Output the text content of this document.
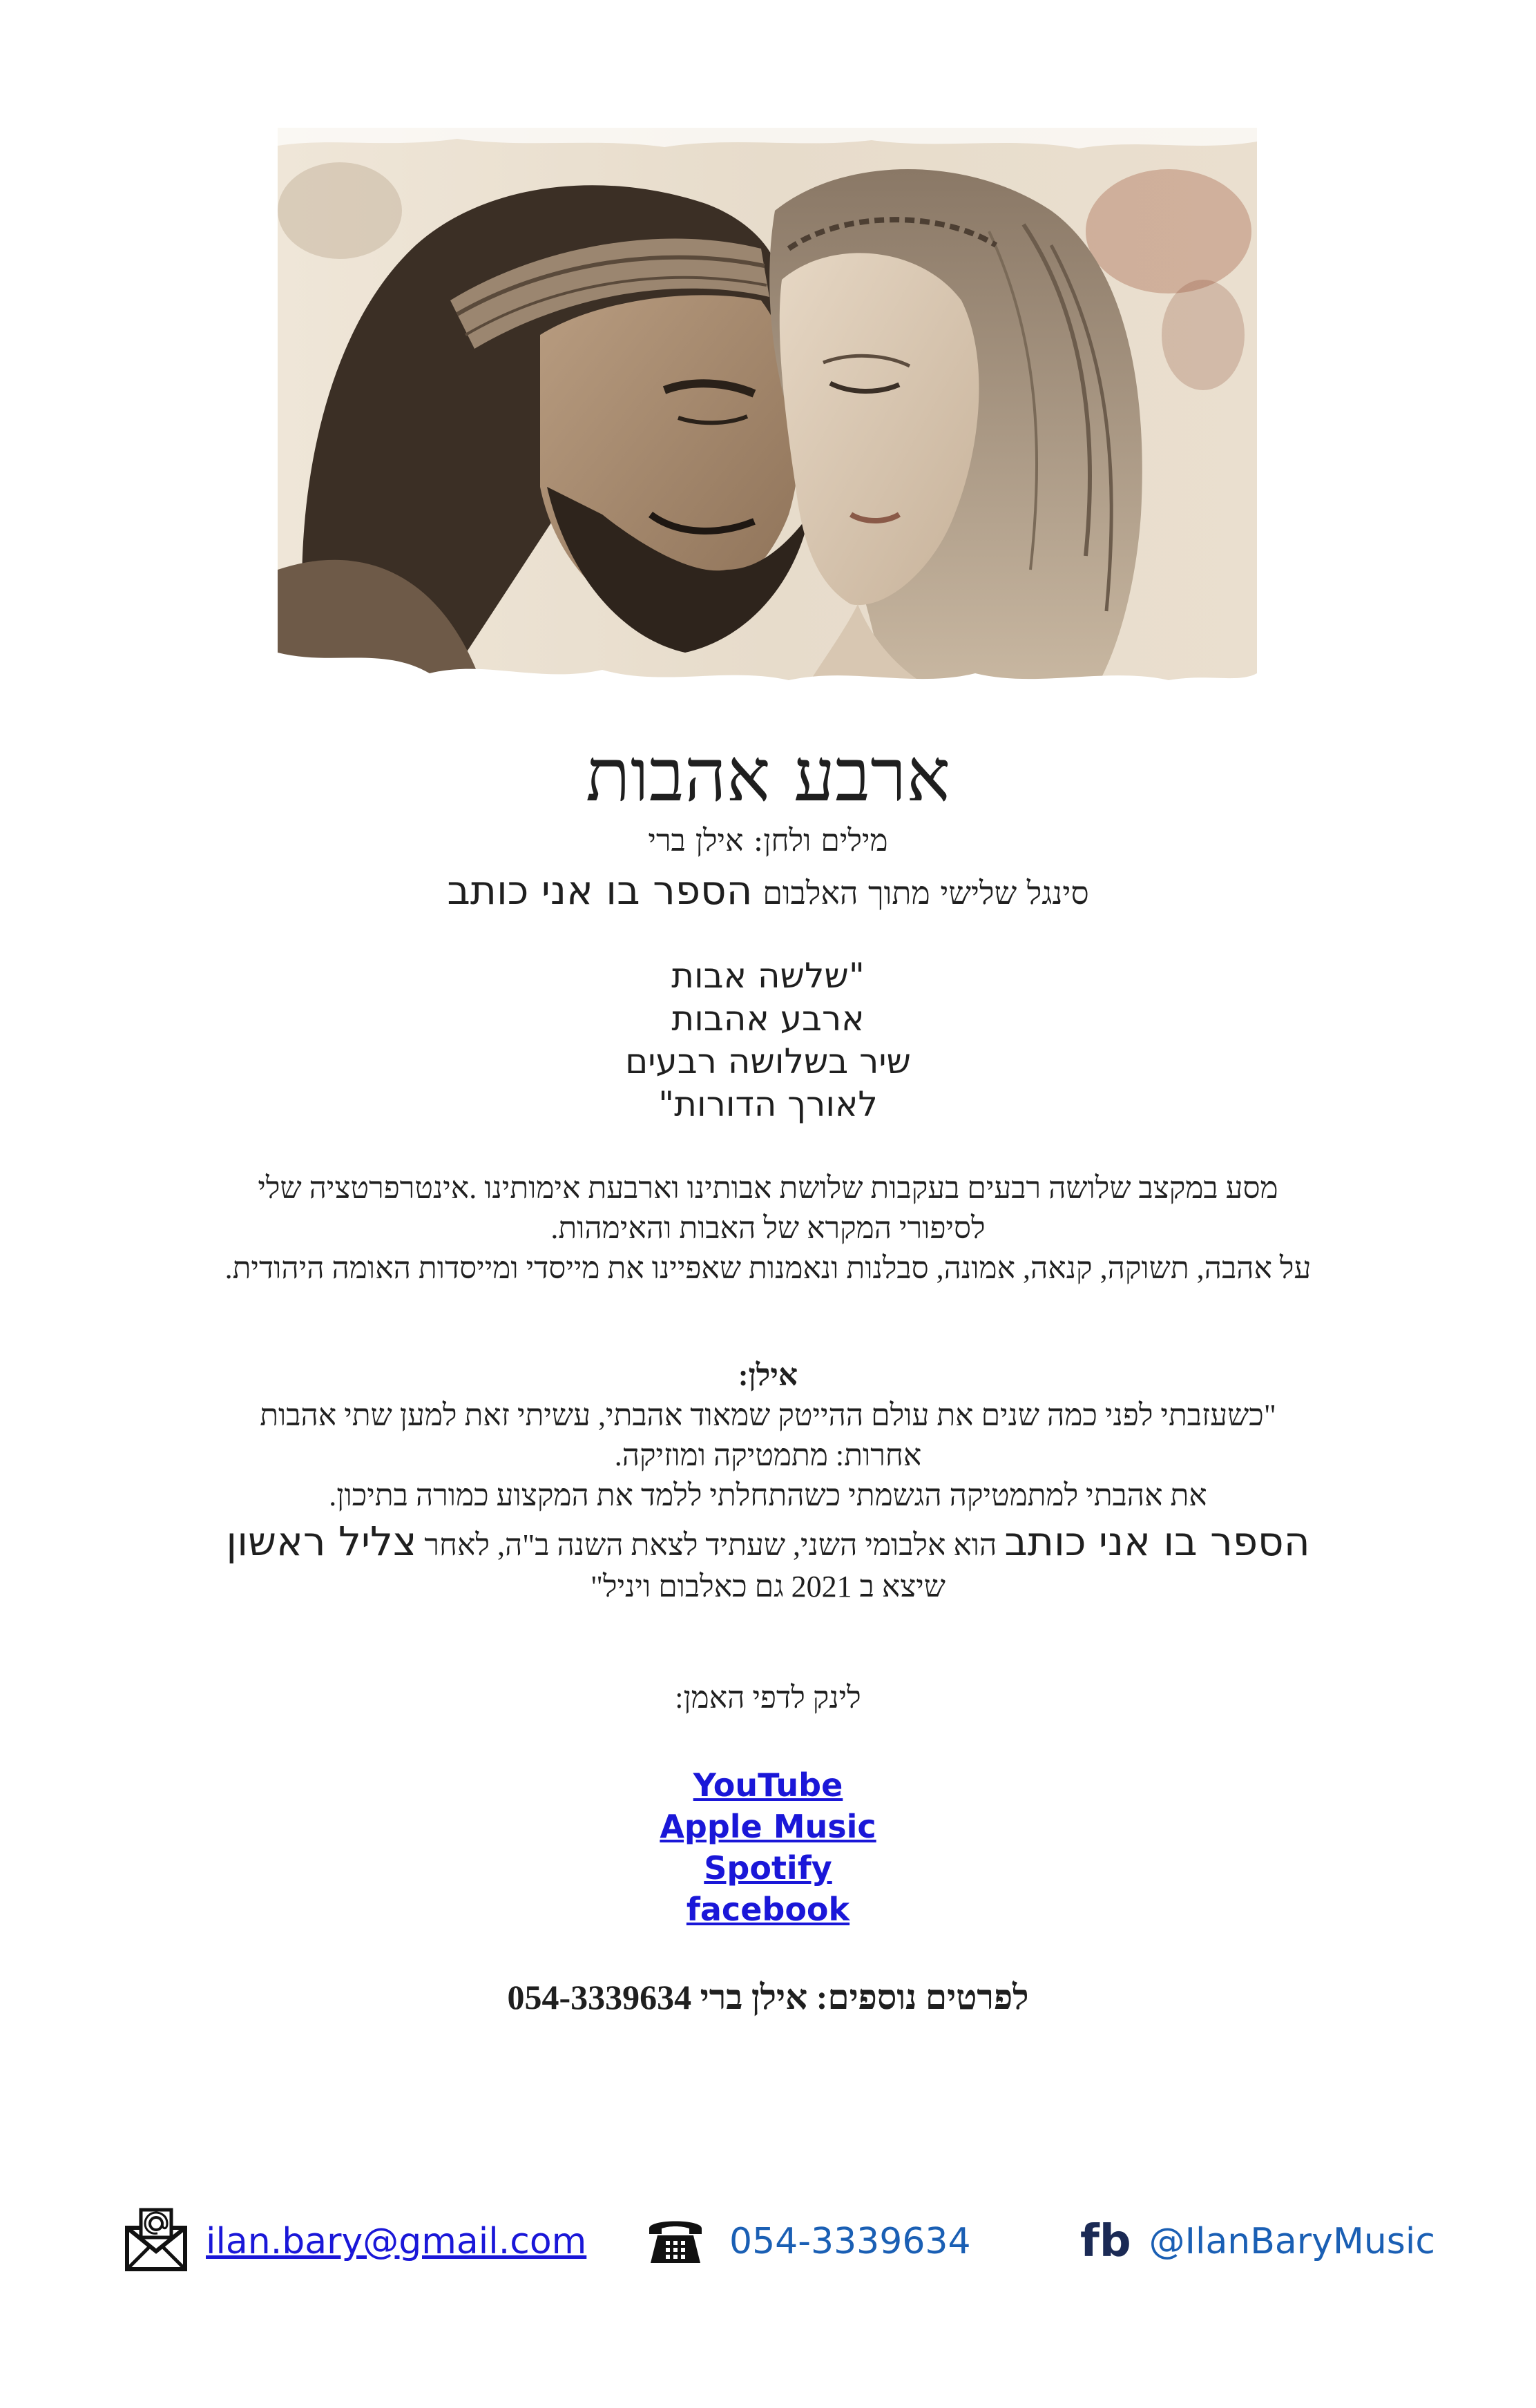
ארבע אהבות
מילים ולחן: אילן ברי
סינגל שלישי מתוך האלבום הספר בו אני כותב
"שלשה אבות
ארבע אהבות
שיר בשלושה רבעים
לאורך הדורות"
מסע במקצב שלושה רבעים בעקבות שלושת אבותינו וארבעת אימותינו .אינטרפרטציה שלי
לסיפורי המקרא של האבות והאימהות.
על אהבה, תשוקה, קנאה, אמונה, סבלנות ונאמנות שאפיינו את מייסדי ומייסדות האומה היהודית.
אילן:
"כשעזבתי לפני כמה שנים את עולם ההייטק שמאוד אהבתי, עשיתי זאת למען שתי אהבות
אחרות: מתמטיקה ומוזיקה.
את אהבתי למתמטיקה הגשמתי כשהתחלתי ללמד את המקצוע כמורה בתיכון.
הספר בו אני כותב הוא אלבומי השני, שעתיד לצאת השנה ב"ה, לאחר צליל ראשון
שיצא ב 2021 גם כאלבום ויניל"
לינק לדפי האמן:
YouTube
Apple Music
Spotify
facebook
לפרטים נוספים: אילן ברי 054-3339634
ilan.bary@gmail.com	054-3339634 fb @IlanBaryMusic
